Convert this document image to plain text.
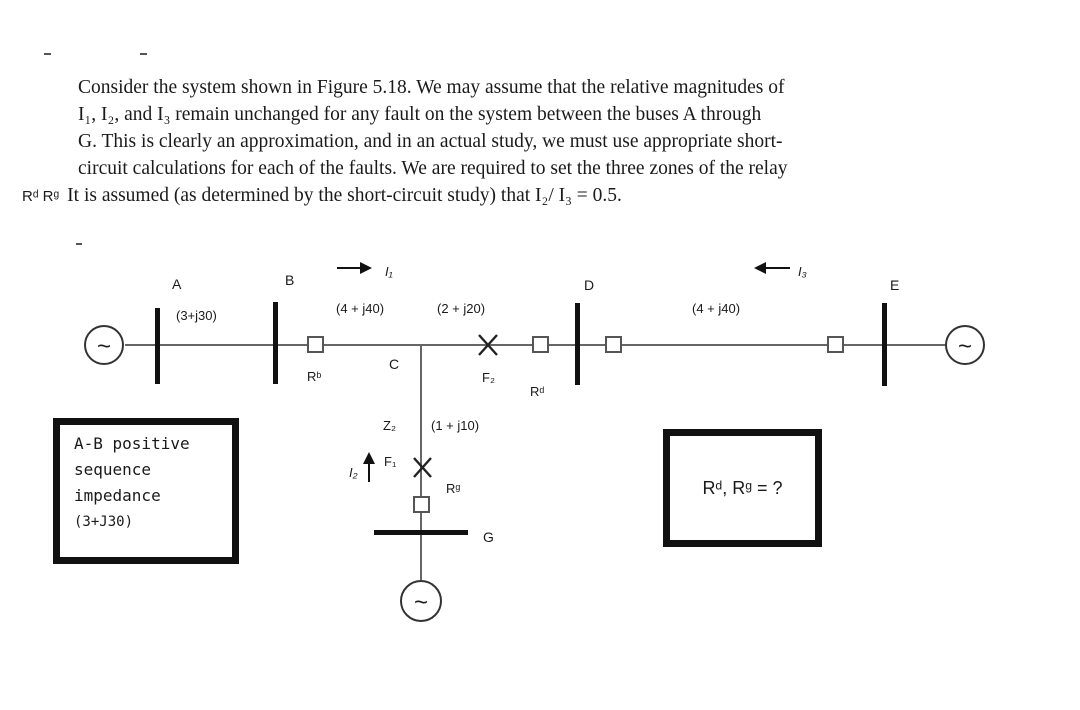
Consider the system shown in Figure 5.18. We may assume that the relative magnitudes of
I₁, I₂, and I₃ remain unchanged for any fault on the system between the buses A through
G. This is clearly an approximation, and in an actual study, we must use appropriate short-
circuit calculations for each of the faults. We are required to set the three zones of the relay
Rᵈ Rᵍ It is assumed (as determined by the short-circuit study) that I₂/ I₃ = 0.5.
~	~
~
A	B
C
D	E
G
(3+j30)	(4 + j40)	(2 + j20)	(4 + j40)
(1 + j10)
I₁
I₂
I₃
Rᵇ
Rᵈ
Rᵍ
F₁
F₂
Z₂
A-B positive
sequence
impedance
(3+J30)
Rᵈ, Rᵍ = ?
